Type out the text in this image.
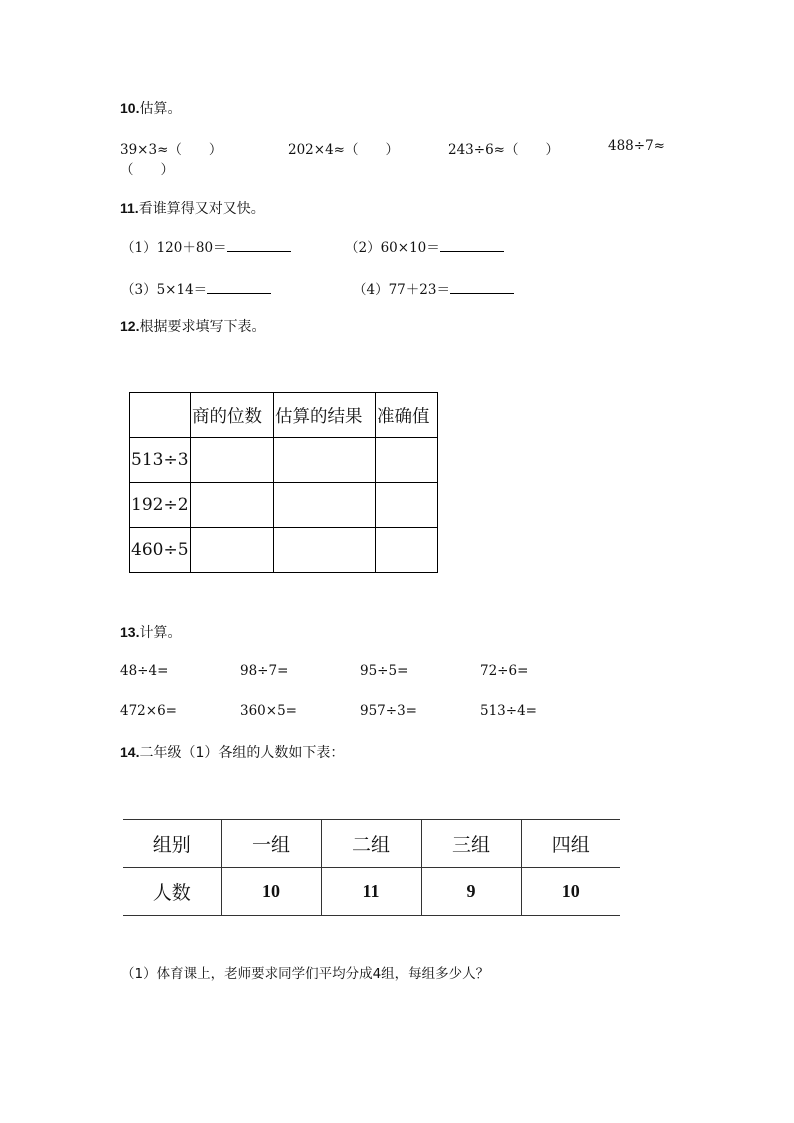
10.估算。
39×3≈（　　）	202×4≈（　　）	243÷6≈（　　）	488÷7≈
（　　）
11.看谁算得又对又快。
（1）120＋80＝	（2）60×10＝
（3）5×14＝	（4）77＋23＝
12.根据要求填写下表。
	商的位数	估算的结果	准确值
513÷3			
192÷2			
460÷5			
13.计算。
48÷4=	98÷7=	95÷5=	72÷6=
472×6=	360×5=	957÷3=	513÷4=
14.二年级（1）各组的人数如下表：
组别	一组	二组	三组	四组
人数	10	11	9	10
（1）体育课上，老师要求同学们平均分成4组，每组多少人？
